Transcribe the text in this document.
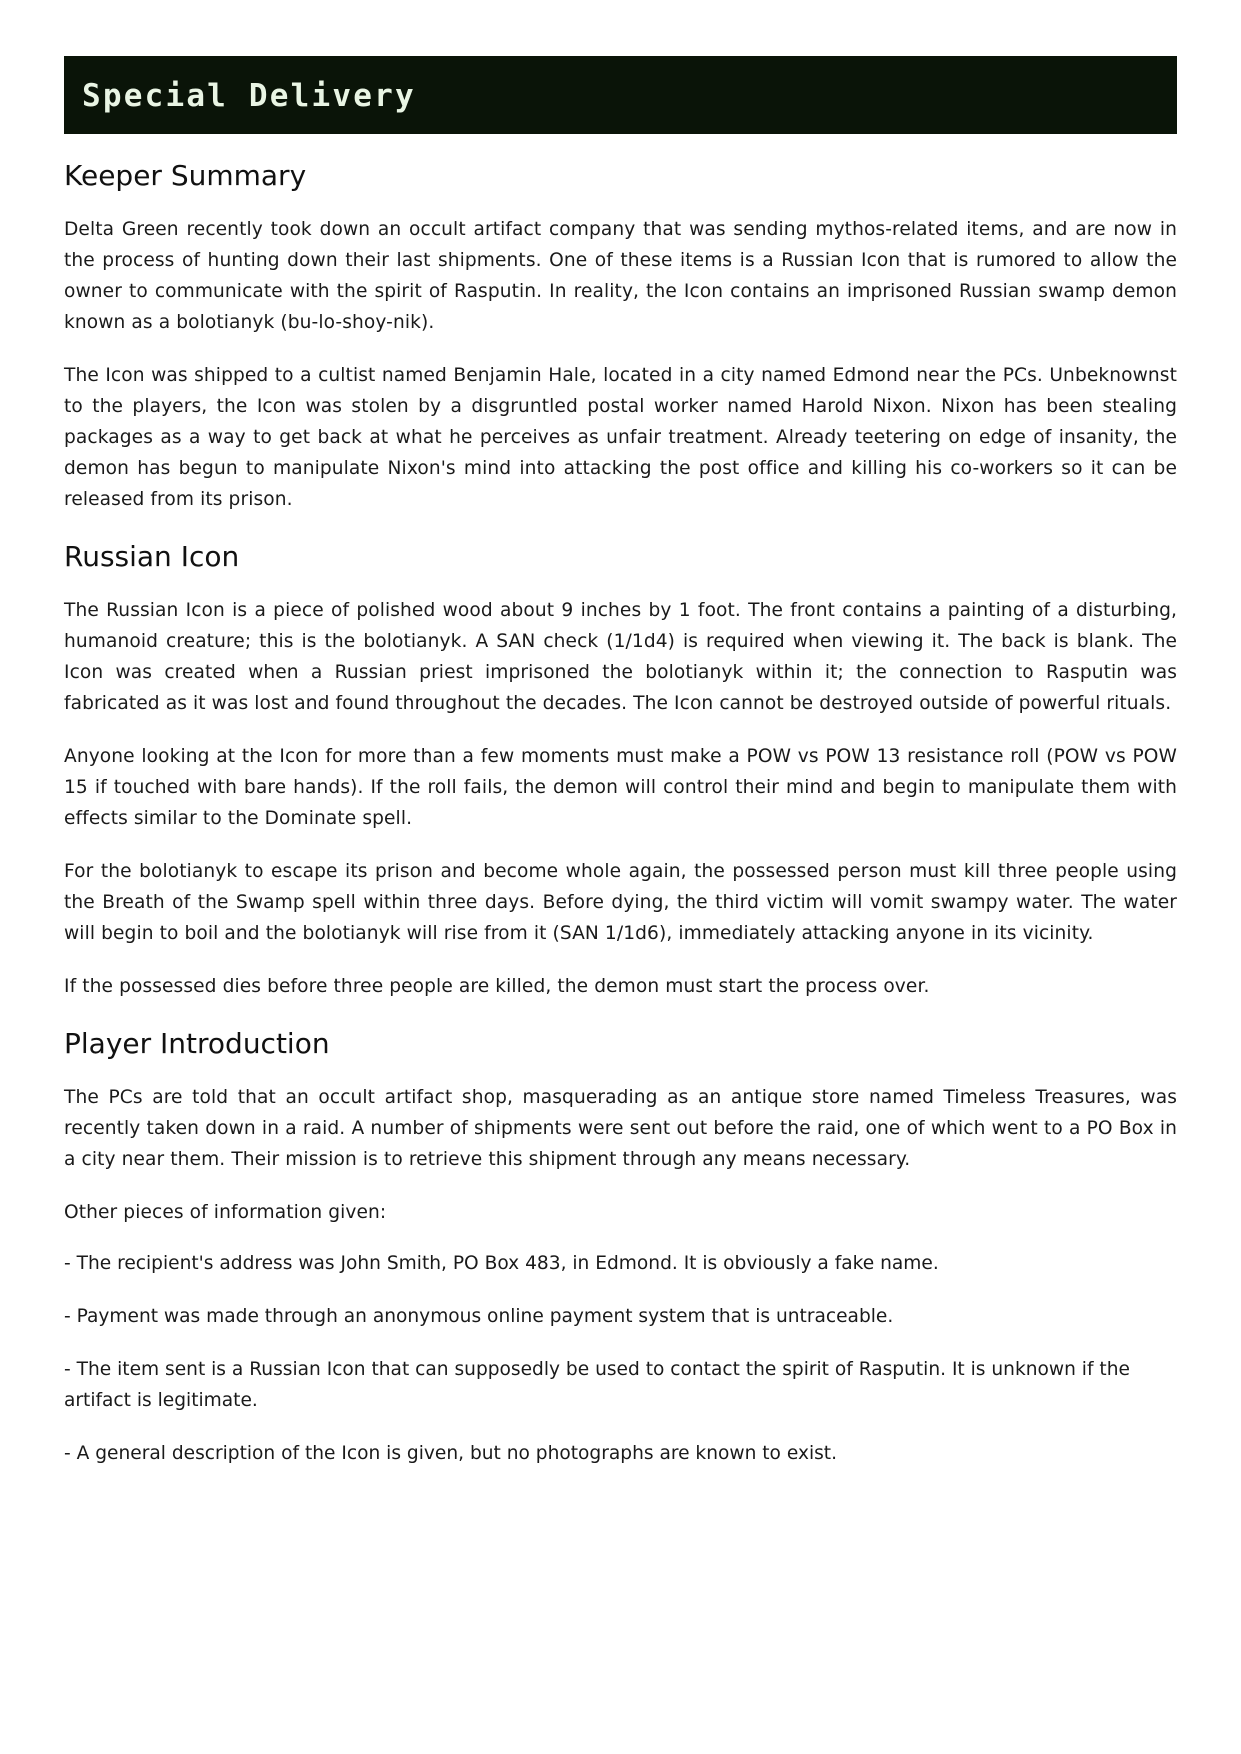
Special Delivery
Keeper Summary

Delta Green recently took down an occult artifact company that was sending mythos-related items, and are now in the process of hunting down their last shipments. One of these items is a Russian Icon that is rumored to allow the owner to communicate with the spirit of Rasputin. In reality, the Icon contains an imprisoned Russian swamp demon known as a bolotianyk (bu-lo-shoy-nik).

The Icon was shipped to a cultist named Benjamin Hale, located in a city named Edmond near the PCs. Unbeknownst to the players, the Icon was stolen by a disgruntled postal worker named Harold Nixon. Nixon has been stealing packages as a way to get back at what he perceives as unfair treatment. Already teetering on edge of insanity, the demon has begun to manipulate Nixon's mind into attacking the post office and killing his co-workers so it can be released from its prison.

Russian Icon

The Russian Icon is a piece of polished wood about 9 inches by 1 foot. The front contains a painting of a disturbing, humanoid creature; this is the bolotianyk. A SAN check (1/1d4) is required when viewing it. The back is blank. The Icon was created when a Russian priest imprisoned the bolotianyk within it; the connection to Rasputin was fabricated as it was lost and found throughout the decades. The Icon cannot be destroyed outside of powerful rituals.

Anyone looking at the Icon for more than a few moments must make a POW vs POW 13 resistance roll (POW vs POW 15 if touched with bare hands). If the roll fails, the demon will control their mind and begin to manipulate them with effects similar to the Dominate spell.

For the bolotianyk to escape its prison and become whole again, the possessed person must kill three people using the Breath of the Swamp spell within three days. Before dying, the third victim will vomit swampy water. The water will begin to boil and the bolotianyk will rise from it (SAN 1/1d6), immediately attacking anyone in its vicinity.

If the possessed dies before three people are killed, the demon must start the process over.

Player Introduction

The PCs are told that an occult artifact shop, masquerading as an antique store named Timeless Treasures, was recently taken down in a raid. A number of shipments were sent out before the raid, one of which went to a PO Box in a city near them. Their mission is to retrieve this shipment through any means necessary.

Other pieces of information given:

- The recipient's address was John Smith, PO Box 483, in Edmond. It is obviously a fake name.

- Payment was made through an anonymous online payment system that is untraceable.

- The item sent is a Russian Icon that can supposedly be used to contact the spirit of Rasputin. It is unknown if the artifact is legitimate.

- A general description of the Icon is given, but no photographs are known to exist.
